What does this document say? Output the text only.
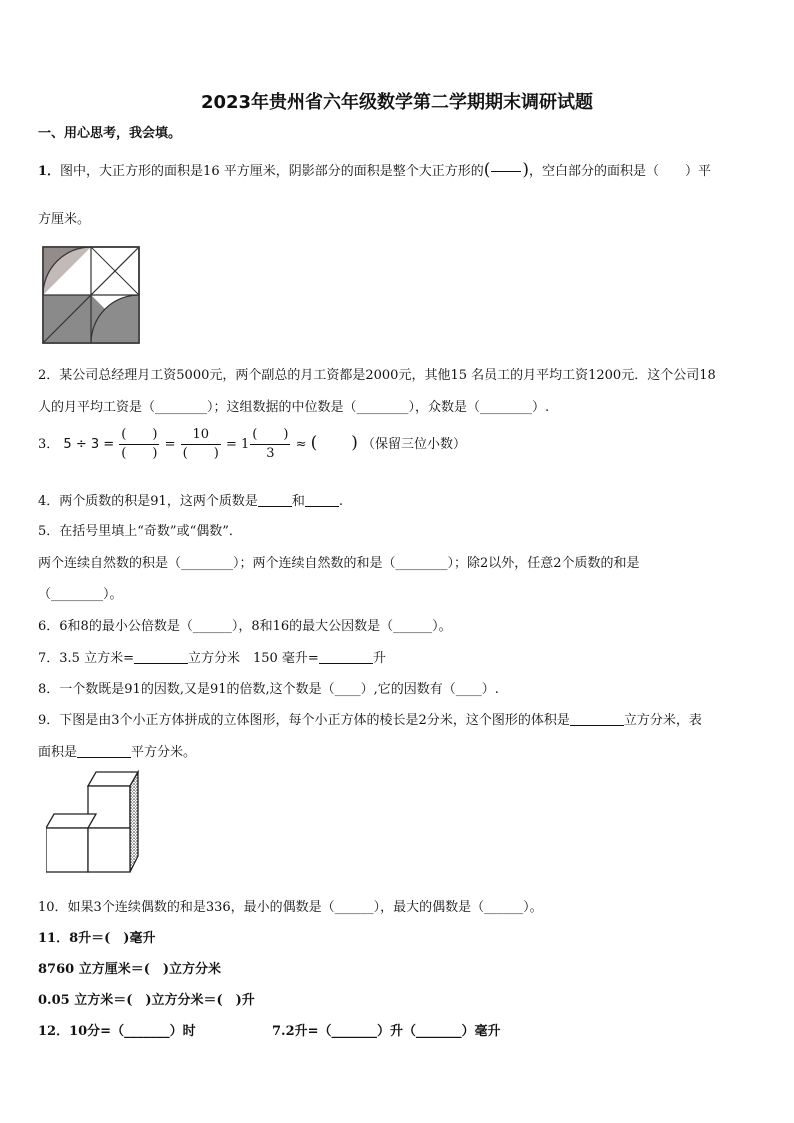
2023年贵州省六年级数学第二学期期末调研试题
一、用心思考，我会填。
1．图中，大正方形的面积是16 平方厘米，阴影部分的面积是整个大正方形的(

   )，空白部分的面积是（　　）平
方厘米。
2．某公司总经理月工资5000元，两个副总的月工资都是2000元，其他15 名员工的月平均工资1200元．这个公司18
人的月平均工资是（________）；这组数据的中位数是（________），众数是（________）.
3． $5 \div 3 = \frac{( )}{( )} = \frac{10}{( )} = 1 \frac{( )}{3}$ ≈ (  ) （保留三位小数）
4．两个质数的积是91，这两个质数是	和	.
5．在括号里填上“奇数”或“偶数”．
两个连续自然数的积是（________）；两个连续自然数的和是（________）；除2以外，任意2个质数的和是
（________）。
6．6和8的最小公倍数是（______），8和16的最大公因数是（______）。
7．3.5 立方米=	立方分米　150 毫升=	升
8．一个数既是91的因数,又是91的倍数,这个数是（____）,它的因数有（____）.
9．下图是由3个小正方体拼成的立体图形，每个小正方体的棱长是2分米，这个图形的体积是	立方分米，表
面积是	平方分米。
10．如果3个连续偶数的和是336，最小的偶数是（______），最大的偶数是（______）。
11．8升＝(　)毫升
8760 立方厘米＝(　)立方分米
0.05 立方米＝(　)立方分米＝(　)升
12．10分=（_______）时	7.2升=（_______）升（_______）毫升
